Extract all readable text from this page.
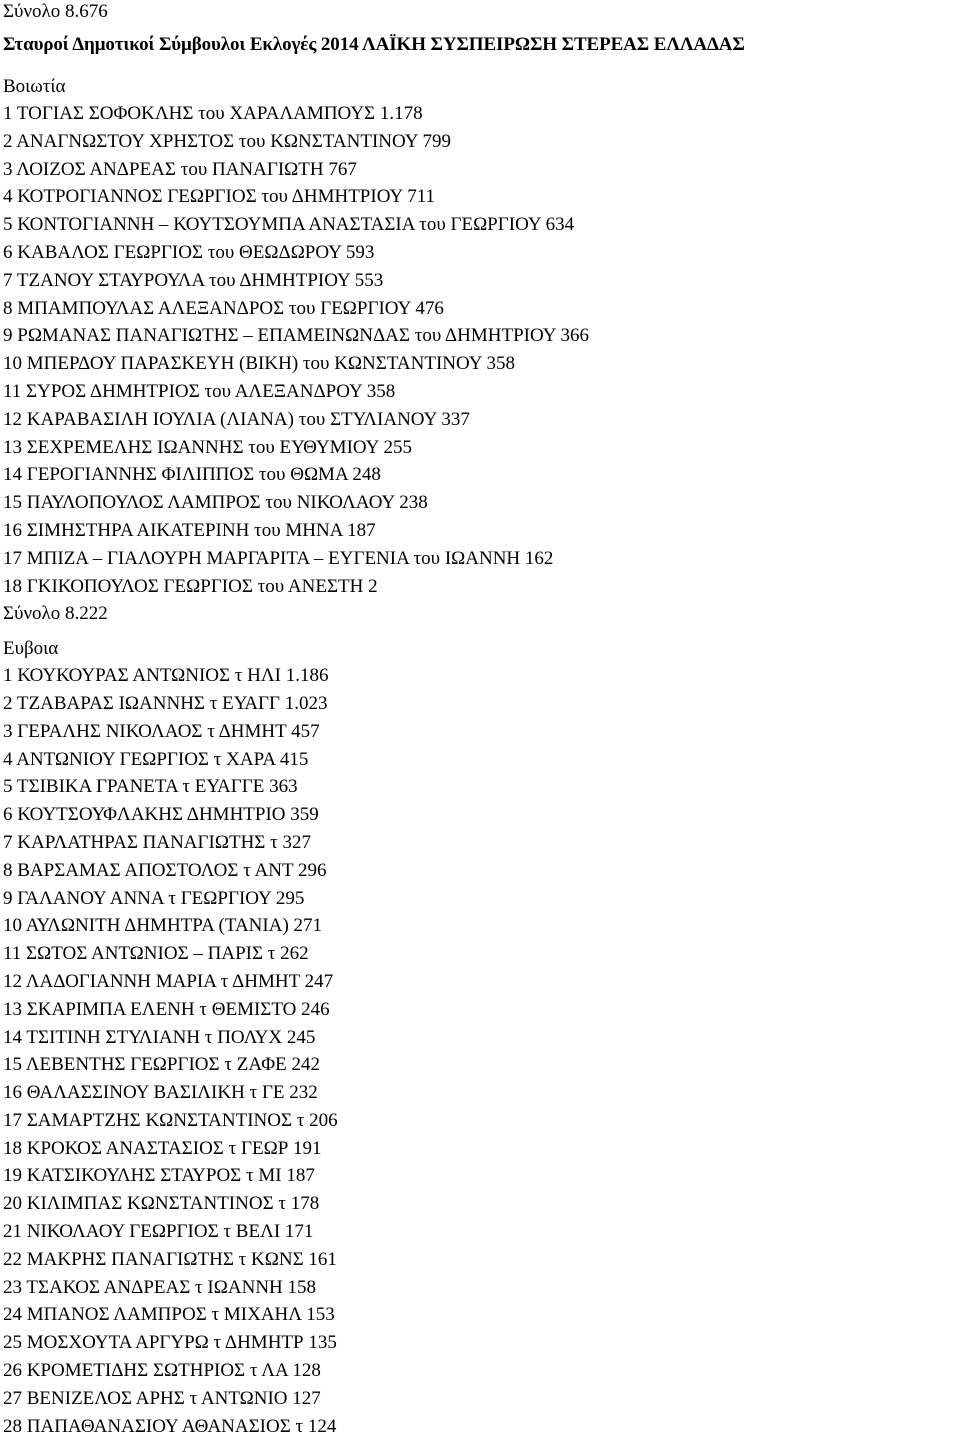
Σύνολο 8.676
Σταυροί Δημοτικοί Σύμβουλοι Εκλογές 2014 ΛΑΪΚΗ ΣΥΣΠΕΙΡΩΣΗ ΣΤΕΡΕΑΣ ΕΛΛΑΔΑΣ
Βοιωτία
1 ΤΟΓΙΑΣ ΣΟΦΟΚΛΗΣ του ΧΑΡΑΛΑΜΠΟΥΣ 1.178
2 ΑΝΑΓΝΩΣΤΟΥ ΧΡΗΣΤΟΣ του ΚΩΝΣΤΑΝΤΙΝΟΥ 799
3 ΛΟΙΖΟΣ ΑΝΔΡΕΑΣ του ΠΑΝΑΓΙΩΤΗ 767
4 ΚΟΤΡΟΓΙΑΝΝΟΣ ΓΕΩΡΓΙΟΣ του ΔΗΜΗΤΡΙΟΥ 711
5 ΚΟΝΤΟΓΙΑΝΝΗ – ΚΟΥΤΣΟΥΜΠΑ ΑΝΑΣΤΑΣΙΑ του ΓΕΩΡΓΙΟΥ 634
6 ΚΑΒΑΛΟΣ ΓΕΩΡΓΙΟΣ του ΘΕΩΔΩΡΟΥ 593
7 ΤΖΑΝΟΥ ΣΤΑΥΡΟΥΛΑ του ΔΗΜΗΤΡΙΟΥ 553
8 ΜΠΑΜΠΟΥΛΑΣ ΑΛΕΞΑΝΔΡΟΣ του ΓΕΩΡΓΙΟΥ 476
9 ΡΩΜΑΝΑΣ ΠΑΝΑΓΙΩΤΗΣ – ΕΠΑΜΕΙΝΩΝΔΑΣ του ΔΗΜΗΤΡΙΟΥ 366
10 ΜΠΕΡΔΟΥ ΠΑΡΑΣΚΕΥΗ (ΒΙΚΗ) του ΚΩΝΣΤΑΝΤΙΝΟΥ 358
11 ΣΥΡΟΣ ΔΗΜΗΤΡΙΟΣ του ΑΛΕΞΑΝΔΡΟΥ 358
12 ΚΑΡΑΒΑΣΙΛΗ ΙΟΥΛΙΑ (ΛΙΑΝΑ) του ΣΤΥΛΙΑΝΟΥ 337
13 ΣΕΧΡΕΜΕΛΗΣ ΙΩΑΝΝΗΣ του ΕΥΘΥΜΙΟΥ 255
14 ΓΕΡΟΓΙΑΝΝΗΣ ΦΙΛΙΠΠΟΣ του ΘΩΜΑ 248
15 ΠΑΥΛΟΠΟΥΛΟΣ ΛΑΜΠΡΟΣ του ΝΙΚΟΛΑΟΥ 238
16 ΣΙΜΗΣΤΗΡΑ ΑΙΚΑΤΕΡΙΝΗ του ΜΗΝΑ 187
17 ΜΠΙΖΑ – ΓΙΑΛΟΥΡΗ ΜΑΡΓΑΡΙΤΑ – ΕΥΓΕΝΙΑ του ΙΩΑΝΝΗ 162
18 ΓΚΙΚΟΠΟΥΛΟΣ ΓΕΩΡΓΙΟΣ του ΑΝΕΣΤΗ 2
Σύνολο 8.222
Ευβοια
1 ΚΟΥΚΟΥΡΑΣ ΑΝΤΩΝΙΟΣ τ ΗΛΙ 1.186
2 ΤΖΑΒΑΡΑΣ ΙΩΑΝΝΗΣ τ ΕΥΑΓΓ 1.023
3 ΓΕΡΑΛΗΣ ΝΙΚΟΛΑΟΣ τ ΔΗΜΗΤ 457
4 ΑΝΤΩΝΙΟΥ ΓΕΩΡΓΙΟΣ τ ΧΑΡΑ 415
5 ΤΣΙΒΙΚΑ ΓΡΑΝΕΤΑ τ ΕΥΑΓΓΕ 363
6 ΚΟΥΤΣΟΥΦΛΑΚΗΣ ΔΗΜΗΤΡΙΟ 359
7 ΚΑΡΛΑΤΗΡΑΣ ΠΑΝΑΓΙΩΤΗΣ τ 327
8 ΒΑΡΣΑΜΑΣ ΑΠΟΣΤΟΛΟΣ τ ΑΝΤ 296
9 ΓΑΛΑΝΟΥ ΑΝΝΑ τ ΓΕΩΡΓΙΟΥ 295
10 ΑΥΛΩΝΙΤΗ ΔΗΜΗΤΡΑ (ΤΑΝΙΑ) 271
11 ΣΩΤΟΣ ΑΝΤΩΝΙΟΣ – ΠΑΡΙΣ τ 262
12 ΛΑΔΟΓΙΑΝΝΗ ΜΑΡΙΑ τ ΔΗΜΗΤ 247
13 ΣΚΑΡΙΜΠΑ ΕΛΕΝΗ τ ΘΕΜΙΣΤΟ 246
14 ΤΣΙΤΙΝΗ ΣΤΥΛΙΑΝΗ τ ΠΟΛΥΧ 245
15 ΛΕΒΕΝΤΗΣ ΓΕΩΡΓΙΟΣ τ ΖΑΦΕ 242
16 ΘΑΛΑΣΣΙΝΟΥ ΒΑΣΙΛΙΚΗ τ ΓΕ 232
17 ΣΑΜΑΡΤΖΗΣ ΚΩΝΣΤΑΝΤΙΝΟΣ τ 206
18 ΚΡΟΚΟΣ ΑΝΑΣΤΑΣΙΟΣ τ ΓΕΩΡ 191
19 ΚΑΤΣΙΚΟΥΛΗΣ ΣΤΑΥΡΟΣ τ ΜΙ 187
20 ΚΙΛΙΜΠΑΣ ΚΩΝΣΤΑΝΤΙΝΟΣ τ 178
21 ΝΙΚΟΛΑΟΥ ΓΕΩΡΓΙΟΣ τ ΒΕΛΙ 171
22 ΜΑΚΡΗΣ ΠΑΝΑΓΙΩΤΗΣ τ ΚΩΝΣ 161
23 ΤΣΑΚΟΣ ΑΝΔΡΕΑΣ τ ΙΩΑΝΝΗ 158
24 ΜΠΑΝΟΣ ΛΑΜΠΡΟΣ τ ΜΙΧΑΗΛ 153
25 ΜΟΣΧΟΥΤΑ ΑΡΓΥΡΩ τ ΔΗΜΗΤΡ 135
26 ΚΡΟΜΕΤΙΔΗΣ ΣΩΤΗΡΙΟΣ τ ΛΑ 128
27 ΒΕΝΙΖΕΛΟΣ ΑΡΗΣ τ ΑΝΤΩΝΙΟ 127
28 ΠΑΠΑΘΑΝΑΣΙΟΥ ΑΘΑΝΑΣΙΟΣ τ 124
